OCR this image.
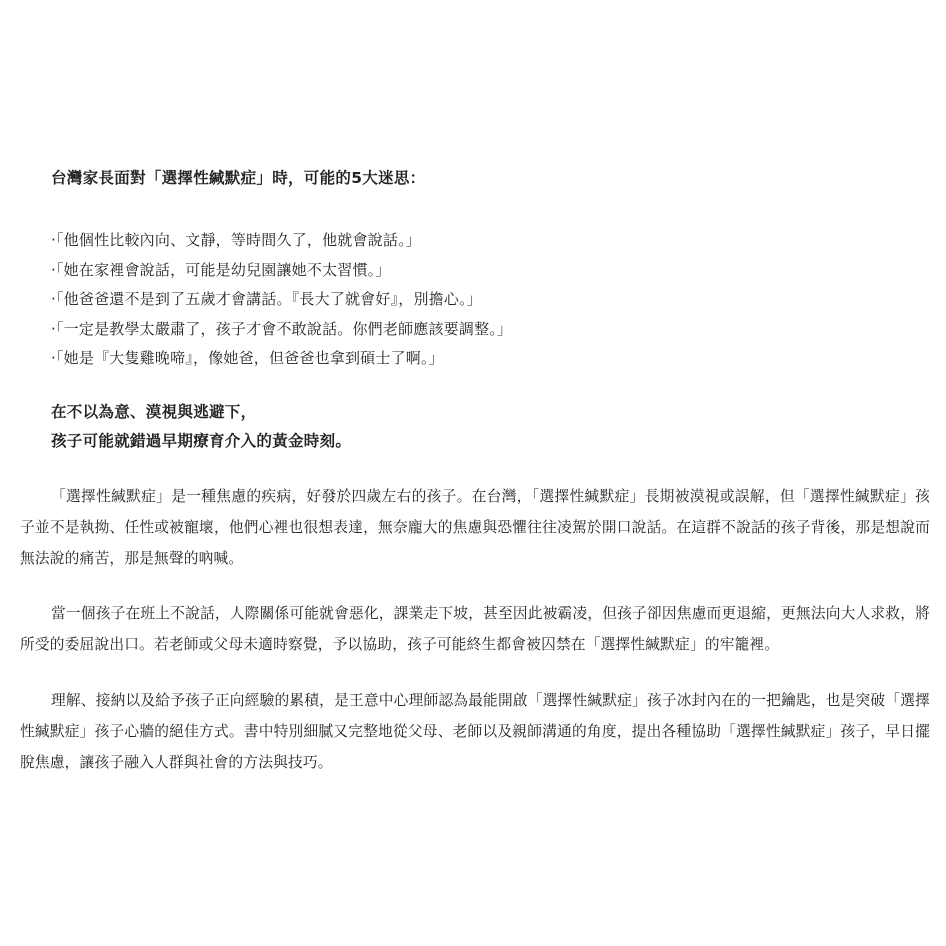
台灣家長面對「選擇性緘默症」時，可能的5大迷思：
‧「他個性比較內向、文靜，等時間久了，他就會說話。」
‧「她在家裡會說話，可能是幼兒園讓她不太習慣。」
‧「他爸爸還不是到了五歲才會講話。『長大了就會好』，別擔心。」
‧「一定是教學太嚴肅了，孩子才會不敢說話。你們老師應該要調整。」
‧「她是『大隻雞晚啼』，像她爸，但爸爸也拿到碩士了啊。」
在不以為意、漠視與逃避下，
孩子可能就錯過早期療育介入的黃金時刻。

「選擇性緘默症」是一種焦慮的疾病，好發於四歲左右的孩子。在台灣，「選擇性緘默症」長期被漠視或誤解，但「選擇性緘默症」孩子並不是執拗、任性或被寵壞，他們心裡也很想表達，無奈龐大的焦慮與恐懼往往凌駕於開口說話。在這群不說話的孩子背後，那是想說而無法說的痛苦，那是無聲的吶喊。

當一個孩子在班上不說話，人際關係可能就會惡化，課業走下坡，甚至因此被霸凌，但孩子卻因焦慮而更退縮，更無法向大人求救，將所受的委屈說出口。若老師或父母未適時察覺，予以協助，孩子可能終生都會被囚禁在「選擇性緘默症」的牢籠裡。

理解、接納以及給予孩子正向經驗的累積，是王意中心理師認為最能開啟「選擇性緘默症」孩子冰封內在的一把鑰匙，也是突破「選擇性緘默症」孩子心牆的絕佳方式。書中特別細膩又完整地從父母、老師以及親師溝通的角度，提出各種協助「選擇性緘默症」孩子，早日擺脫焦慮，讓孩子融入人群與社會的方法與技巧。
